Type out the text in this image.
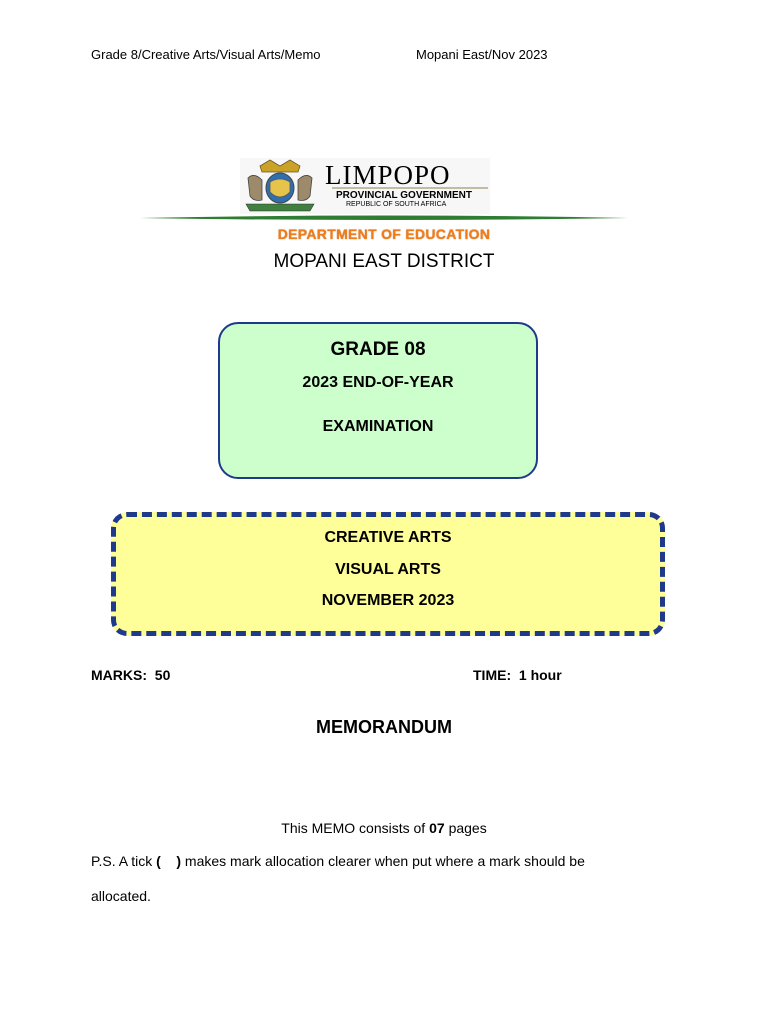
Grade 8/Creative Arts/Visual Arts/Memo	Mopani East/Nov 2023
LIMPOPO
PROVINCIAL GOVERNMENT
REPUBLIC OF SOUTH AFRICA
DEPARTMENT OF EDUCATION
MOPANI EAST DISTRICT
GRADE 08
2023 END-OF-YEAR
EXAMINATION
CREATIVE ARTS
VISUAL ARTS
NOVEMBER 2023
MARKS: 50	TIME: 1 hour
MEMORANDUM
This MEMO consists of 07 pages
P.S. A tick (    ) makes mark allocation clearer when put where a mark should be
allocated.
